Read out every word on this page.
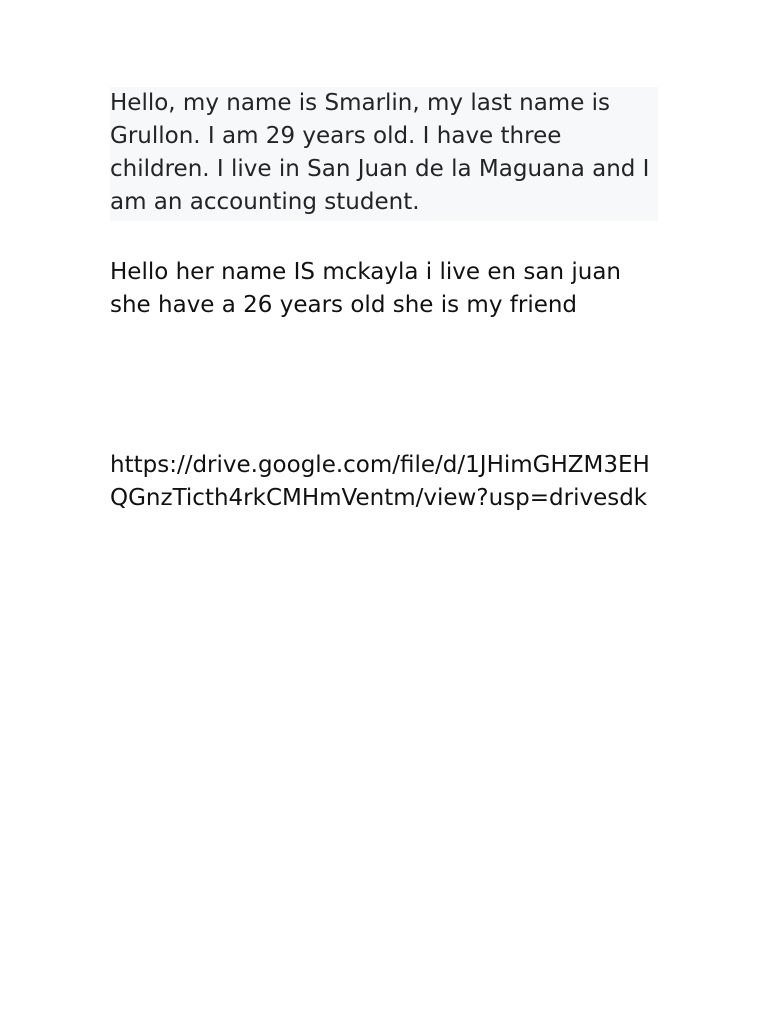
Hello, my name is Smarlin, my last name is Grullon. I am 29 years old. I have three children. I live in San Juan de la Maguana and I am an accounting student.

Hello her name IS mckayla i live en san juan she have a 26 years old she is my friend

https://drive.google.com/file/d/1JHimGHZM3EHQGnzTicth4rkCMHmVentm/view?usp=drivesdk
